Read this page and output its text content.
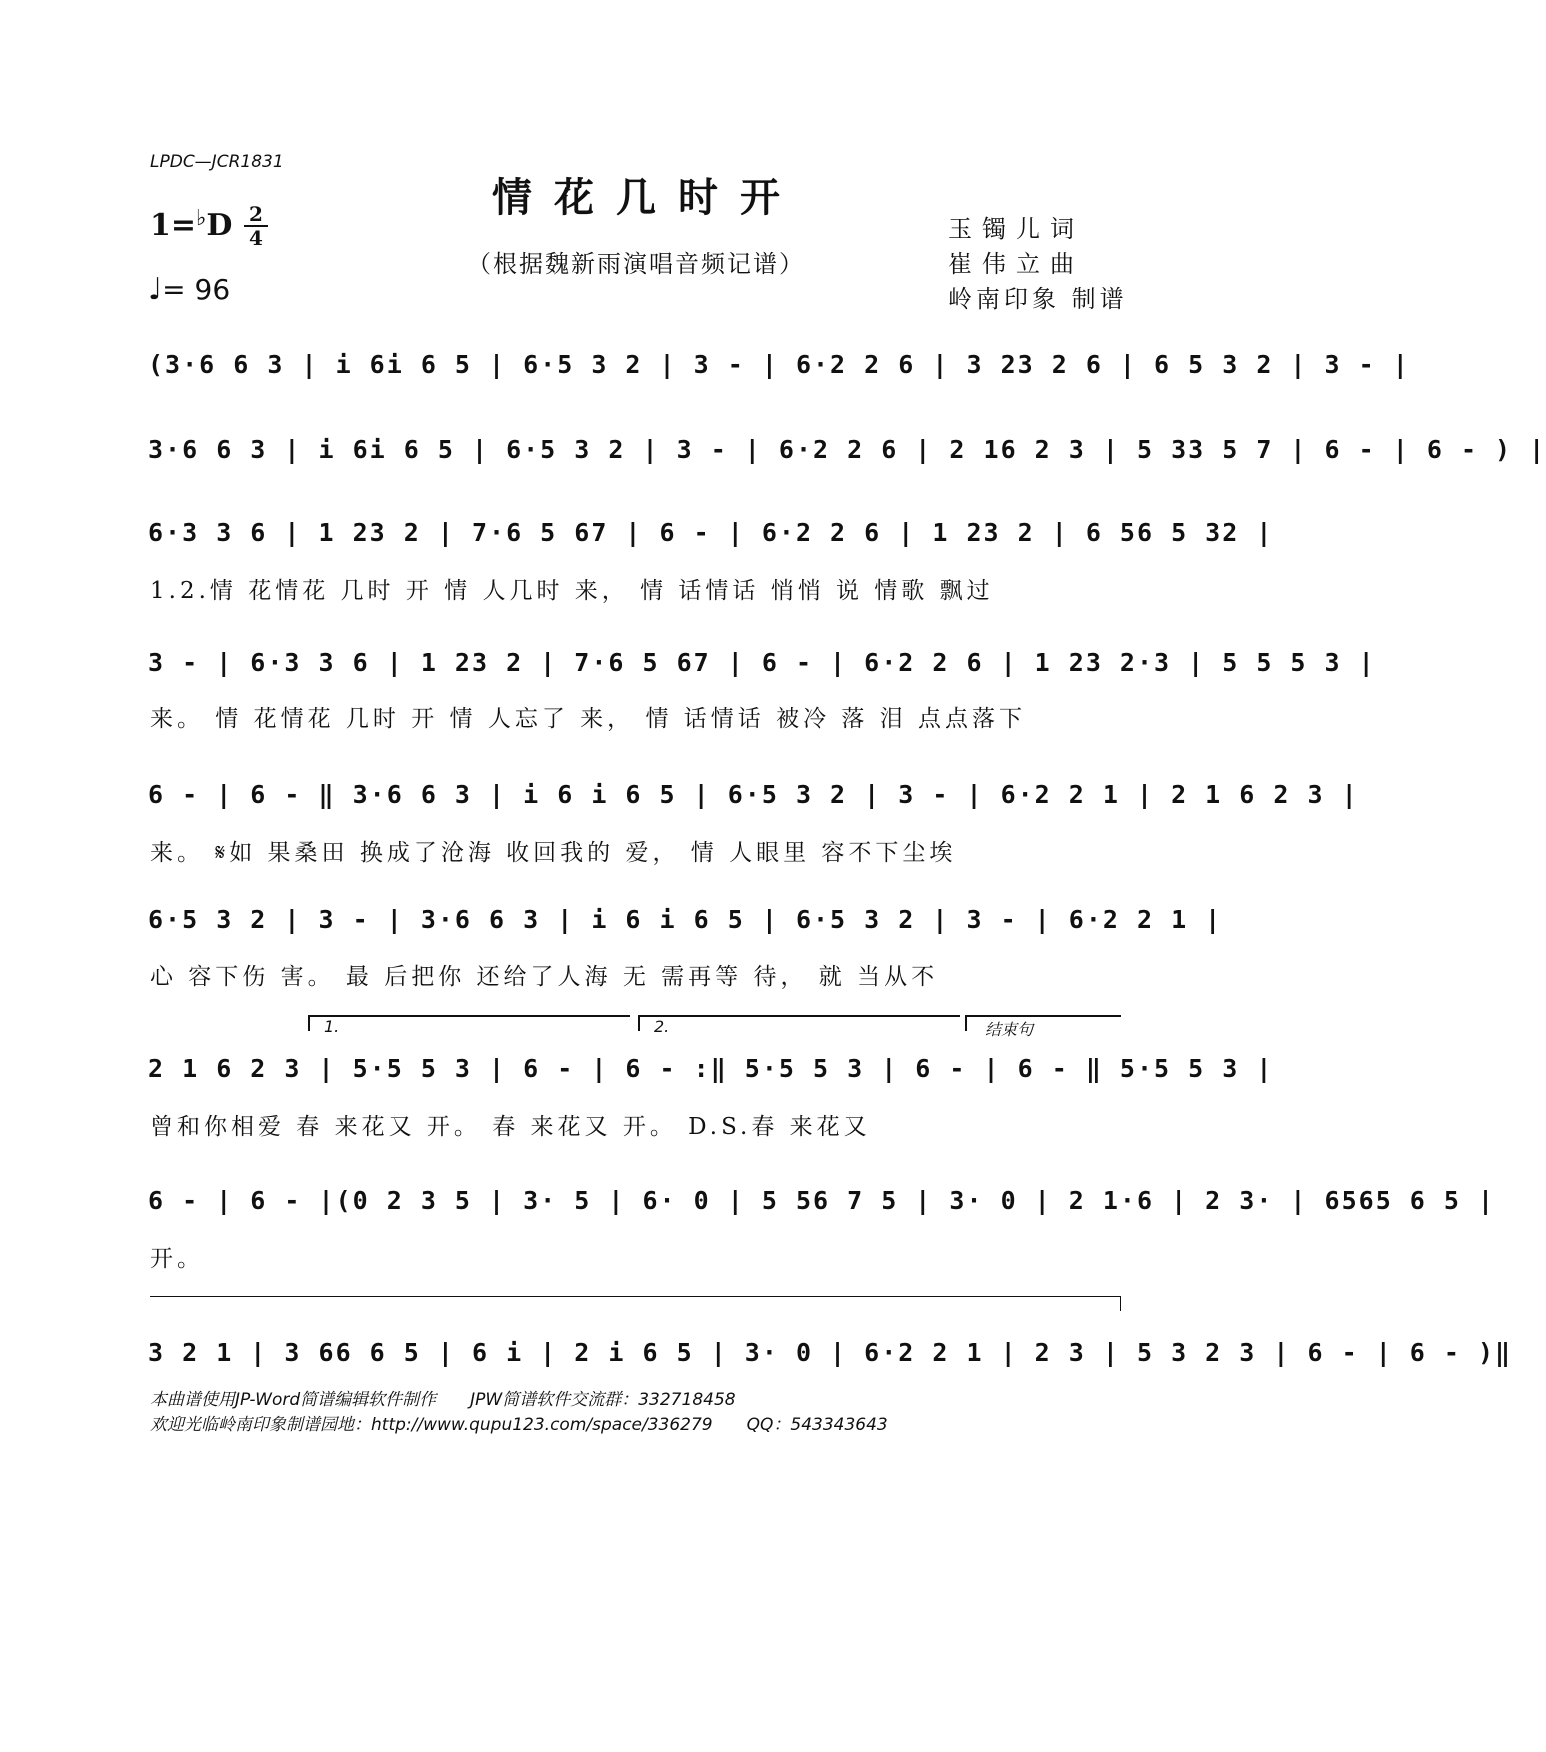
LPDC—JCR1831
情花几时开
（根据魏新雨演唱音频记谱）
1=♭D 2
4
♩= 96
玉镯儿词
崔伟立曲
岭南印象 制谱
(3·6 6 3 | i 6i 6 5 | 6·5 3 2 | 3 - | 6·2 2 6 | 3 23 2 6 | 6 5 3 2 | 3 - |
3·6 6 3 | i 6i 6 5 | 6·5 3 2 | 3 - | 6·2 2 6 | 2 16 2 3 | 5 33 5 7 | 6 - | 6 - ) |
6·3 3 6 | 1 23 2 | 7·6 5 67 | 6 - | 6·2 2 6 | 1 23 2 | 6 56 5 32 |
1.2.情 花情花 几时 开 情 人几时 来， 情 话情话 悄悄 说 情歌 飘过
3 - | 6·3 3 6 | 1 23 2 | 7·6 5 67 | 6 - | 6·2 2 6 | 1 23 2·3 | 5 5 5 3 |
来。 情 花情花 几时 开 情 人忘了 来， 情 话情话 被冷 落 泪 点点落下
6 - | 6 - ‖ 3·6 6 3 | i 6 i 6 5 | 6·5 3 2 | 3 - | 6·2 2 1 | 2 1 6 2 3 |
来。 𝄋如 果桑田 换成了沧海 收回我的 爱， 情 人眼里 容不下尘埃
6·5 3 2 | 3 - | 3·6 6 3 | i 6 i 6 5 | 6·5 3 2 | 3 - | 6·2 2 1 |
心 容下伤 害。 最 后把你 还给了人海 无 需再等 待， 就 当从不
1.	2.	结束句
2 1 6 2 3 | 5·5 5 3 | 6 - | 6 - :‖ 5·5 5 3 | 6 - | 6 - ‖ 5·5 5 3 |
曾和你相爱 春 来花又 开。 春 来花又 开。 D.S.春 来花又
6 - | 6 - |(0 2 3 5 | 3· 5 | 6· 0 | 5 56 7 5 | 3· 0 | 2 1·6 | 2 3· | 6565 6 5 |
开。
3 2 1 | 3 66 6 5 | 6 i | 2 i 6 5 | 3· 0 | 6·2 2 1 | 2 3 | 5 3 2 3 | 6 - | 6 - )‖
本曲谱使用JP-Word简谱编辑软件制作　　JPW简谱软件交流群：332718458
欢迎光临岭南印象制谱园地：http://www.qupu123.com/space/336279　　QQ：543343643
